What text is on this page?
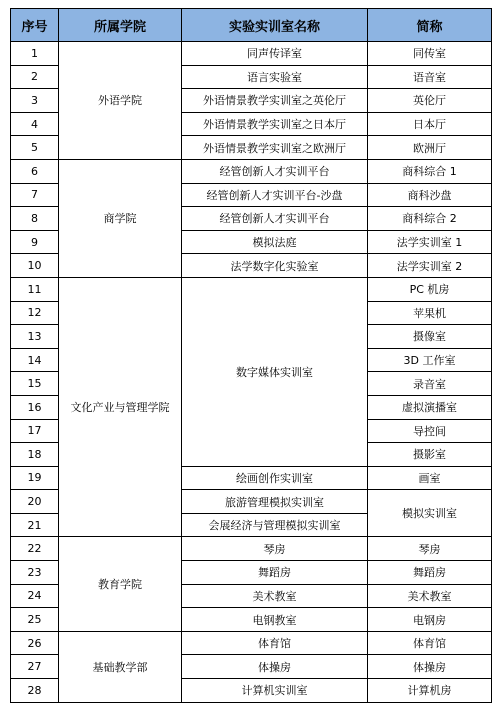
序号	所属学院	实验实训室名称	简称
1	外语学院	同声传译室	同传室
2		语言实验室	语音室
3		外语情景教学实训室之英伦厅	英伦厅
4		外语情景教学实训室之日本厅	日本厅
5		外语情景教学实训室之欧洲厅	欧洲厅
6	商学院	经管创新人才实训平台	商科综合 1
7		经管创新人才实训平台-沙盘	商科沙盘
8		经管创新人才实训平台	商科综合 2
9		模拟法庭	法学实训室 1
10		法学数字化实验室	法学实训室 2
11	文化产业与管理学院	数字媒体实训室	PC 机房
12			苹果机
13			摄像室
14			3D 工作室
15			录音室
16			虚拟演播室
17			导控间
18			摄影室
19		绘画创作实训室	画室
20		旅游管理模拟实训室	模拟实训室
21		会展经济与管理模拟实训室	
22	教育学院	琴房	琴房
23		舞蹈房	舞蹈房
24		美术教室	美术教室
25		电钢教室	电钢房
26	基础教学部	体育馆	体育馆
27		体操房	体操房
28		计算机实训室	计算机房
